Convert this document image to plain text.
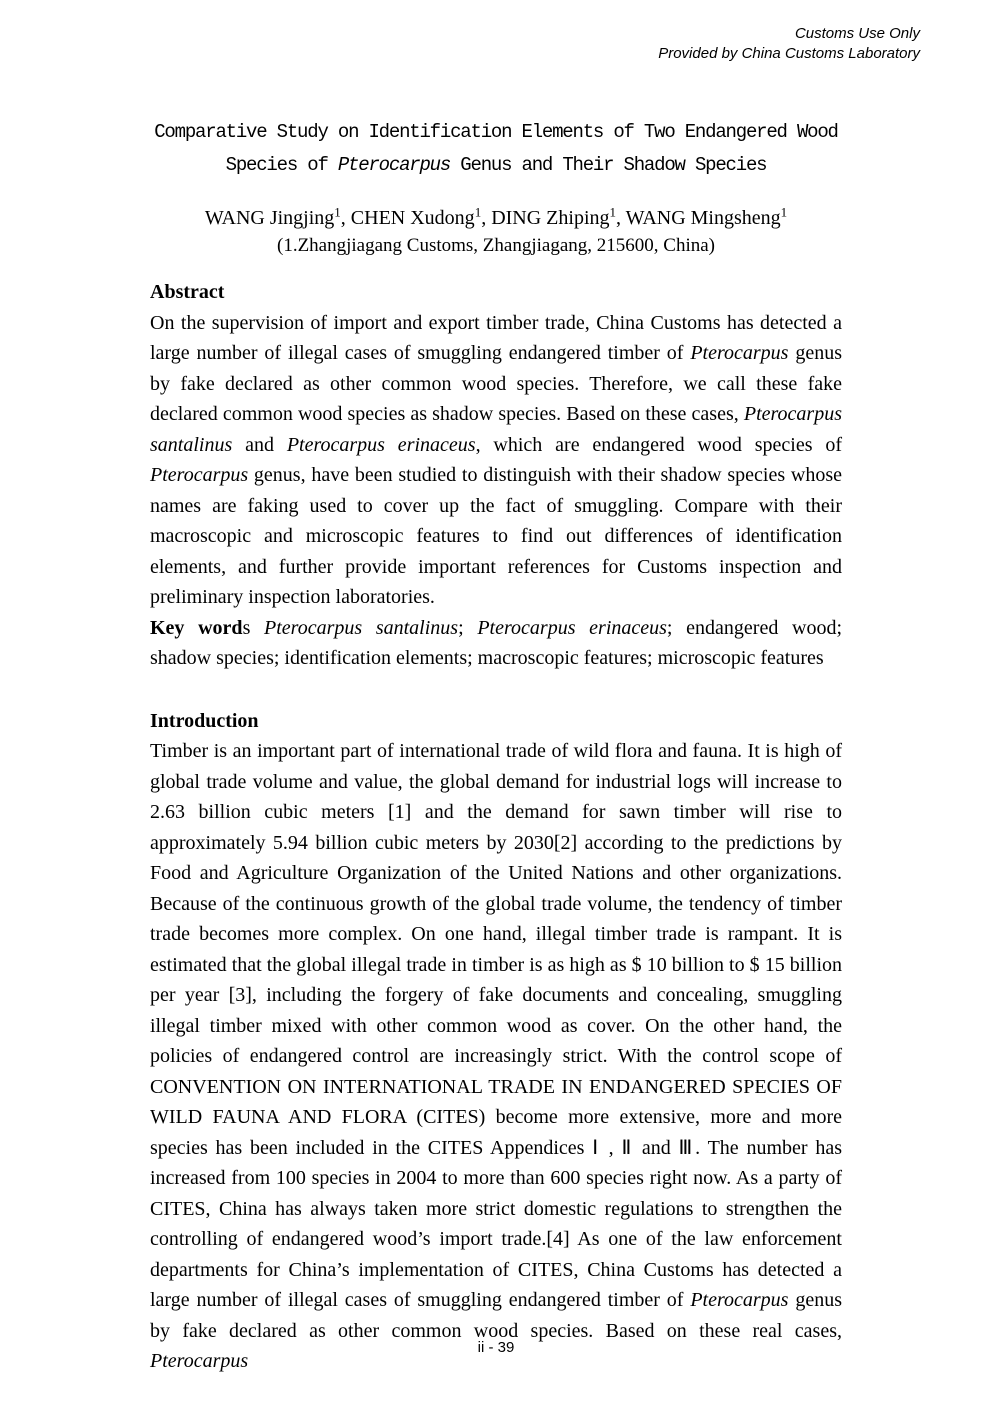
Customs Use Only
Provided by China Customs Laboratory
Comparative Study on Identification Elements of Two Endangered Wood
Species of Pterocarpus Genus and Their Shadow Species
WANG Jingjing$^1$, CHEN Xudong$^1$, DING Zhiping$^1$, WANG Mingsheng$^1$
(1.Zhangjiagang Customs, Zhangjiagang, 215600, China)
Abstract

On the supervision of import and export timber trade, China Customs has detected a large number of illegal cases of smuggling endangered timber of Pterocarpus genus by fake declared as other common wood species. Therefore, we call these fake declared common wood species as shadow species. Based on these cases, Pterocarpus santalinus and Pterocarpus erinaceus, which are endangered wood species of Pterocarpus genus, have been studied to distinguish with their shadow species whose names are faking used to cover up the fact of smuggling. Compare with their macroscopic and microscopic features to find out differences of identification elements, and further provide important references for Customs inspection and preliminary inspection laboratories.

Key words Pterocarpus santalinus; Pterocarpus erinaceus; endangered wood; shadow species; identification elements; macroscopic features; microscopic features

Introduction

Timber is an important part of international trade of wild flora and fauna. It is high of global trade volume and value, the global demand for industrial logs will increase to 2.63 billion cubic meters [1] and the demand for sawn timber will rise to approximately 5.94 billion cubic meters by 2030[2] according to the predictions by Food and Agriculture Organization of the United Nations and other organizations. Because of the continuous growth of the global trade volume, the tendency of timber trade becomes more complex. On one hand, illegal timber trade is rampant. It is estimated that the global illegal trade in timber is as high as $ 10 billion to $ 15 billion per year [3], including the forgery of fake documents and concealing, smuggling illegal timber mixed with other common wood as cover. On the other hand, the policies of endangered control are increasingly strict. With the control scope of CONVENTION ON INTERNATIONAL TRADE IN ENDANGERED SPECIES OF WILD FAUNA AND FLORA (CITES) become more extensive, more and more species has been included in the CITES Appendices Ⅰ , Ⅱ and Ⅲ. The number has increased from 100 species in 2004 to more than 600 species right now. As a party of CITES, China has always taken more strict domestic regulations to strengthen the controlling of endangered wood’s import trade.[4] As one of the law enforcement departments for China’s implementation of CITES, China Customs has detected a large number of illegal cases of smuggling endangered timber of Pterocarpus genus by fake declared as other common wood species. Based on these real cases, Pterocarpus

ii - 39
